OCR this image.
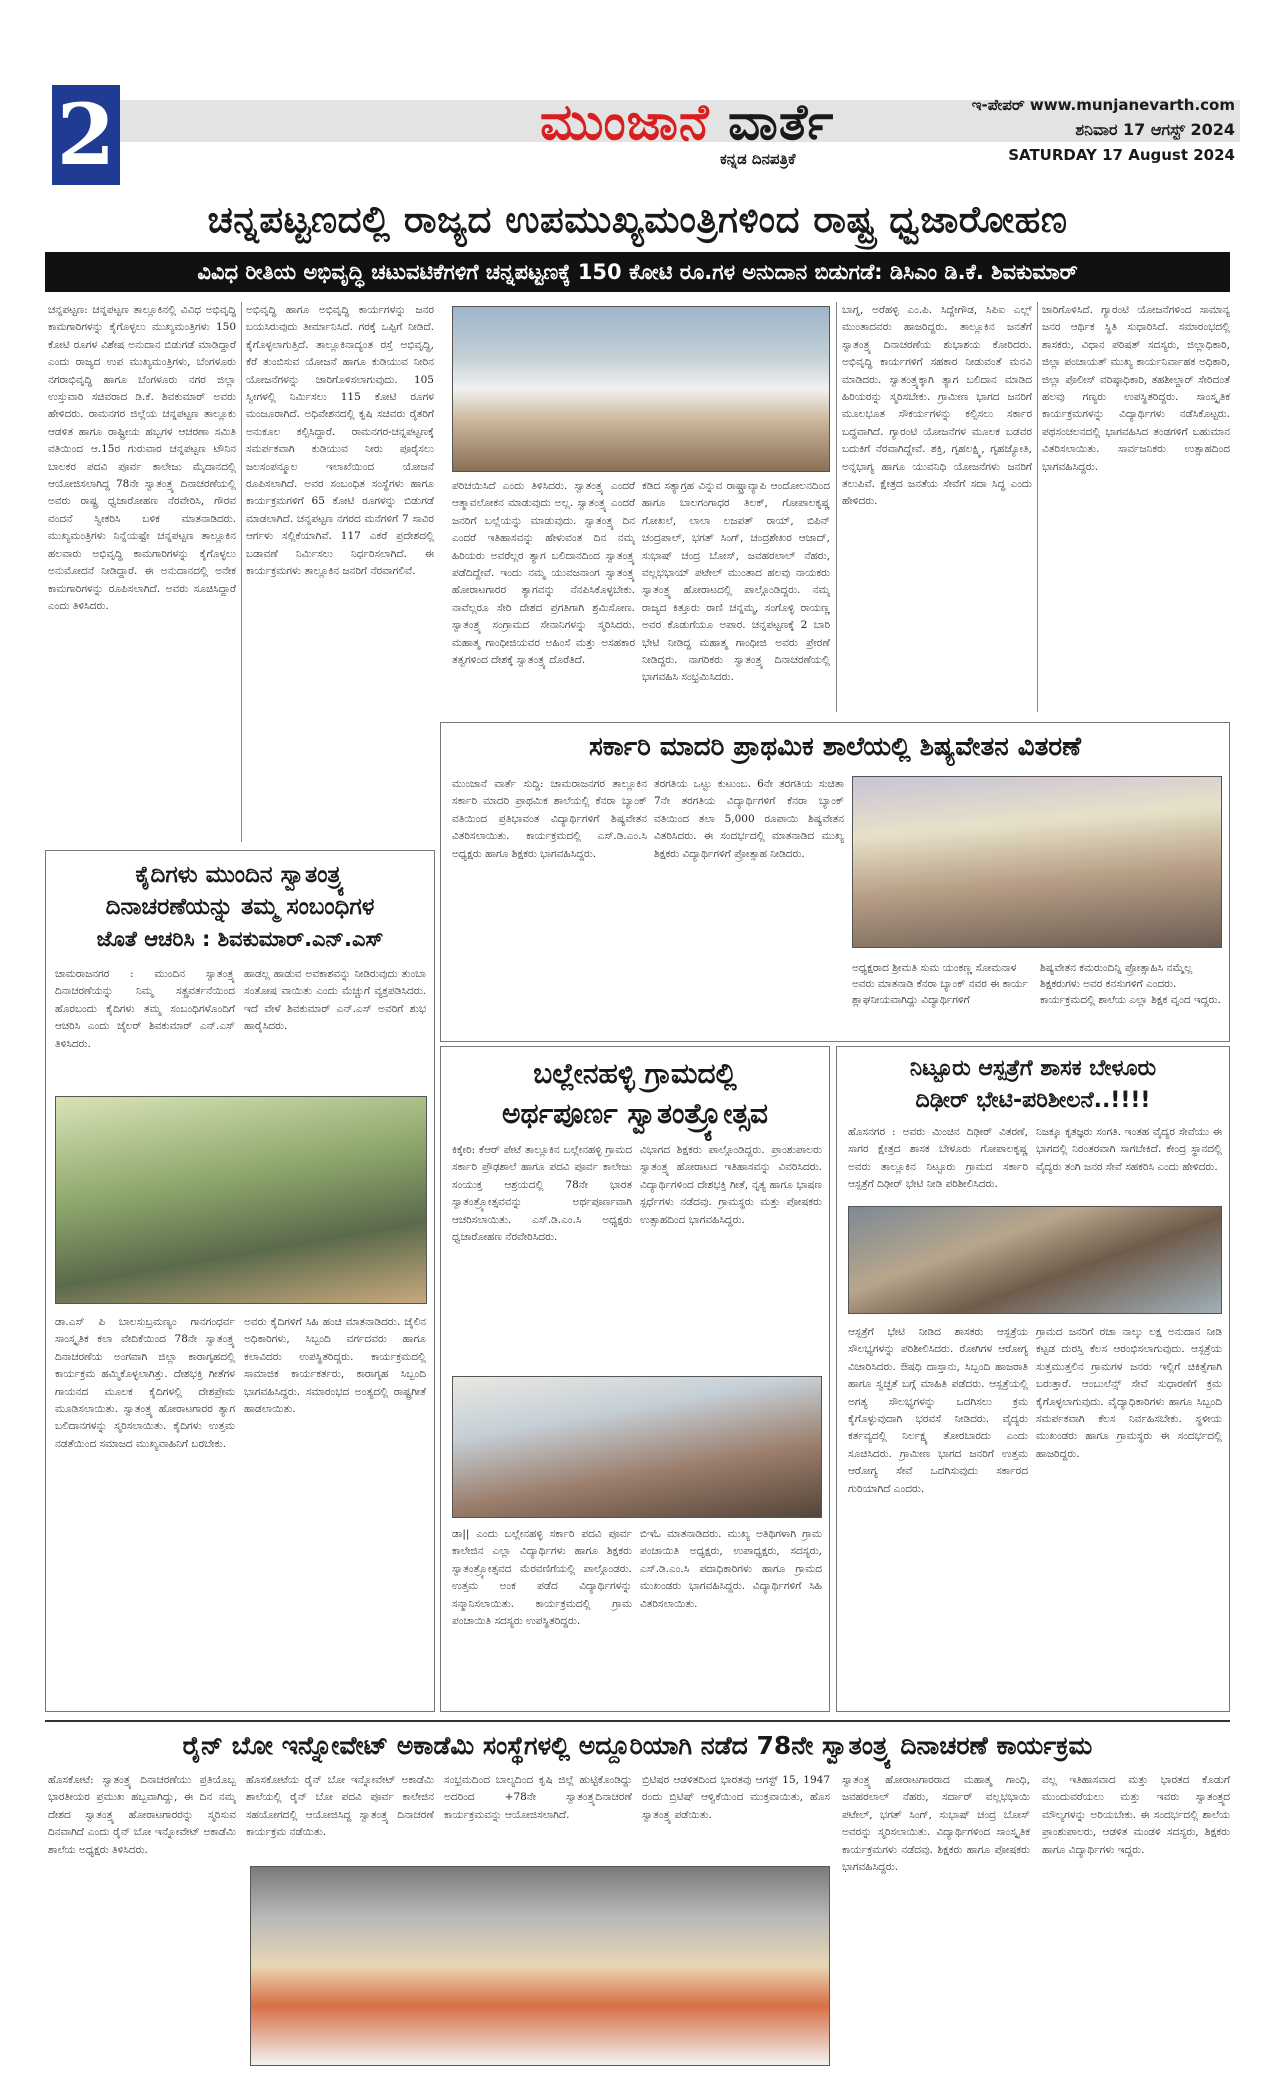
2	ಮುಂಜಾನೆ ವಾರ್ತೆ
ಕನ್ನಡ ದಿನಪತ್ರಿಕೆ
ಇ-ಪೇಪರ್ www.munjanevarth.com
ಶನಿವಾರ 17 ಆಗಸ್ಟ್ 2024
SATURDAY 17 August 2024
ಚನ್ನಪಟ್ಟಣದಲ್ಲಿ ರಾಜ್ಯದ ಉಪಮುಖ್ಯಮಂತ್ರಿಗಳಿಂದ ರಾಷ್ಟ್ರ ಧ್ವಜಾರೋಹಣ
ವಿವಿಧ ರೀತಿಯ ಅಭಿವೃದ್ಧಿ ಚಟುವಟಿಕೆಗಳಿಗೆ ಚನ್ನಪಟ್ಟಣಕ್ಕೆ 150 ಕೋಟಿ ರೂ.ಗಳ ಅನುದಾನ ಬಿಡುಗಡೆ: ಡಿಸಿಎಂ ಡಿ.ಕೆ. ಶಿವಕುಮಾರ್
ಚನ್ನಪಟ್ಟಣ: ಚನ್ನಪಟ್ಟಣ ತಾಲ್ಲೂಕಿನಲ್ಲಿ ವಿವಿಧ ಅಭಿವೃದ್ಧಿ ಕಾಮಗಾರಿಗಳನ್ನು ಕೈಗೊಳ್ಳಲು ಮುಖ್ಯಮಂತ್ರಿಗಳು 150 ಕೋಟಿ ರೂಗಳ ವಿಶೇಷ ಅನುದಾನ ಬಿಡುಗಡೆ ಮಾಡಿದ್ದಾರೆ ಎಂದು ರಾಜ್ಯದ ಉಪ ಮುಖ್ಯಮಂತ್ರಿಗಳು, ಬೆಂಗಳೂರು ನಗರಾಭಿವೃದ್ಧಿ ಹಾಗೂ ಬೆಂಗಳೂರು ನಗರ ಜಿಲ್ಲಾ ಉಸ್ತುವಾರಿ ಸಚಿವರಾದ ಡಿ.ಕೆ. ಶಿವಕುಮಾರ್ ಅವರು ಹೇಳಿದರು. ರಾಮನಗರ ಜಿಲ್ಲೆಯ ಚನ್ನಪಟ್ಟಣ ತಾಲ್ಲೂಕು ಆಡಳಿತ ಹಾಗೂ ರಾಷ್ಟ್ರೀಯ ಹಬ್ಬಗಳ ಆಚರಣಾ ಸಮಿತಿ ವತಿಯಿಂದ ಆ.15ರ ಗುರುವಾರ ಚನ್ನಪಟ್ಟಣ ಟೌನಿನ ಬಾಲಕರ ಪದವಿ ಪೂರ್ವ ಕಾಲೇಜು ಮೈದಾನದಲ್ಲಿ ಆಯೋಜಿಸಲಾಗಿದ್ದ 78ನೇ ಸ್ವಾತಂತ್ರ್ಯ ದಿನಾಚರಣೆಯಲ್ಲಿ ಅವರು ರಾಷ್ಟ್ರ ಧ್ವಜಾರೋಹಣ ನೆರವೇರಿಸಿ, ಗೌರವ ವಂದನೆ ಸ್ವೀಕರಿಸಿ ಬಳಿಕ ಮಾತನಾಡಿದರು. ಮುಖ್ಯಮಂತ್ರಿಗಳು ನಿನ್ನೆಯಷ್ಟೇ ಚನ್ನಪಟ್ಟಣ ತಾಲ್ಲೂಕಿನ ಹಲವಾರು ಅಭಿವೃದ್ಧಿ ಕಾಮಗಾರಿಗಳನ್ನು ಕೈಗೊಳ್ಳಲು ಅನುಮೋದನೆ ನೀಡಿದ್ದಾರೆ. ಈ ಅನುದಾನದಲ್ಲಿ ಅನೇಕ ಕಾಮಗಾರಿಗಳನ್ನು ರೂಪಿಸಲಾಗಿದೆ. ಅವರು ಸೂಚಿಸಿದ್ದಾರೆ ಎಂದು ತಿಳಿಸಿದರು.
ಅಭಿವೃದ್ಧಿ ಹಾಗೂ ಅಭಿವೃದ್ಧಿ ಕಾರ್ಯಗಳನ್ನು ಜನರ ಬಯಸಿರುವುದು ತೀರ್ಮಾನಿಸಿದೆ. ಗರಕ್ಕೆ ಒಪ್ಪಿಗೆ ನೀಡಿದೆ. ಕೈಗೊಳ್ಳಲಾಗುತ್ತಿದೆ. ತಾಲ್ಲೂಕಿನಾದ್ಯಂತ ರಸ್ತೆ ಅಭಿವೃದ್ಧಿ, ಕೆರೆ ತುಂಬಿಸುವ ಯೋಜನೆ ಹಾಗೂ ಕುಡಿಯುವ ನೀರಿನ ಯೋಜನೆಗಳನ್ನು ಜಾರಿಗೊಳಿಸಲಾಗುವುದು. 105 ಸ್ವೀಗಳಲ್ಲಿ ನಿರ್ಮಿಸಲು 115 ಕೋಟಿ ರೂಗಳ ಮಂಜೂರಾಗಿದೆ. ಅಧಿವೇಶನದಲ್ಲಿ ಕೃಷಿ ಸಚಿವರು ರೈತರಿಗೆ ಅನುಕೂಲ ಕಲ್ಪಿಸಿದ್ದಾರೆ. ರಾಮನಗರ-ಚನ್ನಪಟ್ಟಣಕ್ಕೆ ಸಮರ್ಪಕವಾಗಿ ಕುಡಿಯುವ ನೀರು ಪೂರೈಸಲು ಜಲಸಂಪನ್ಮೂಲ ಇಲಾಖೆಯಿಂದ ಯೋಜನೆ ರೂಪಿಸಲಾಗಿದೆ. ಅವರ ಸಂಬಂಧಿತ ಸಂಸ್ಥೆಗಳು ಹಾಗೂ ಕಾರ್ಯಕ್ರಮಗಳಿಗೆ 65 ಕೋಟಿ ರೂಗಳನ್ನು ಬಿಡುಗಡೆ ಮಾಡಲಾಗಿದೆ. ಚನ್ನಪಟ್ಟಣ ನಗರದ ಮನೆಗಳಿಗೆ 7 ಸಾವಿರ ಆರ್ಗಳು ಸಲ್ಲಿಕೆಯಾಗಿವೆ. 117 ಎಕರೆ ಪ್ರದೇಶದಲ್ಲಿ ಬಡಾವಣೆ ನಿರ್ಮಿಸಲು ನಿರ್ಧರಿಸಲಾಗಿದೆ. ಈ ಕಾರ್ಯಕ್ರಮಗಳು ತಾಲ್ಲೂಕಿನ ಜನರಿಗೆ ನೆರವಾಗಲಿವೆ.
ಪರಿಚಯಿಸಿದೆ ಎಂದು ತಿಳಿಸಿದರು. ಸ್ವಾತಂತ್ರ್ಯ ಎಂದರೆ ಆತ್ಮಾವಲೋಕನ ಮಾಡುವುದು ಅಲ್ಲ. ಸ್ವಾತಂತ್ರ್ಯ ಎಂದರೆ ಜನರಿಗೆ ಬಲ್ಲೆಯನ್ನು ಮಾಡುವುದು. ಸ್ವಾತಂತ್ರ್ಯ ದಿನ ಎಂದರೆ ಇತಿಹಾಸವನ್ನು ಹೇಳುವಂತ ದಿನ ನಮ್ಮ ಹಿರಿಯರು ಅವರೆಲ್ಲರ ತ್ಯಾಗ ಬಲಿದಾನದಿಂದ ಸ್ವಾತಂತ್ರ್ಯ ಪಡೆದಿದ್ದೇವೆ. ಇಂದು ನಮ್ಮ ಯುವಜನಾಂಗ ಸ್ವಾತಂತ್ರ್ಯ ಹೋರಾಟಗಾರರ ತ್ಯಾಗವನ್ನು ನೆನಪಿಸಿಕೊಳ್ಳಬೇಕು. ನಾವೆಲ್ಲರೂ ಸೇರಿ ದೇಶದ ಪ್ರಗತಿಗಾಗಿ ಶ್ರಮಿಸೋಣ. ಸ್ವಾತಂತ್ರ್ಯ ಸಂಗ್ರಾಮದ ಸೇನಾನಿಗಳನ್ನು ಸ್ಮರಿಸಿದರು. ಮಹಾತ್ಮ ಗಾಂಧೀಜಿಯವರ ಅಹಿಂಸೆ ಮತ್ತು ಅಸಹಕಾರ ತತ್ವಗಳಿಂದ ದೇಶಕ್ಕೆ ಸ್ವಾತಂತ್ರ್ಯ ದೊರೆತಿದೆ.
ಕಡಿದ ಸತ್ಯಾಗ್ರಹ ವಿನ್ನುವ ರಾಷ್ಟ್ರಾವ್ಯಾಪಿ ಆಂದೋಲನದಿಂದ ಹಾಗೂ ಬಾಲಗಂಗಾಧರ ತಿಲಕ್, ಗೋಪಾಲಕೃಷ್ಣ ಗೋಖಲೆ, ಲಾಲಾ ಲಜಪತ್ ರಾಯ್, ಬಿಪಿನ್ ಚಂದ್ರಪಾಲ್, ಭಗತ್ ಸಿಂಗ್, ಚಂದ್ರಶೇಖರ ಆಜಾದ್, ಸುಭಾಷ್ ಚಂದ್ರ ಬೋಸ್, ಜವಹರಲಾಲ್ ನೆಹರು, ವಲ್ಲಭಭಾಯ್ ಪಟೇಲ್ ಮುಂತಾದ ಹಲವು ನಾಯಕರು ಸ್ವಾತಂತ್ರ್ಯ ಹೋರಾಟದಲ್ಲಿ ಪಾಲ್ಗೊಂಡಿದ್ದರು. ನಮ್ಮ ರಾಜ್ಯದ ಕಿತ್ತೂರು ರಾಣಿ ಚನ್ನಮ್ಮ, ಸಂಗೊಳ್ಳಿ ರಾಯಣ್ಣ ಅವರ ಕೊಡುಗೆಯೂ ಅಪಾರ. ಚನ್ನಪಟ್ಟಣಕ್ಕೆ 2 ಬಾರಿ ಭೇಟಿ ನೀಡಿದ್ದ ಮಹಾತ್ಮ ಗಾಂಧೀಜಿ ಅವರು ಪ್ರೇರಣೆ ನೀಡಿದ್ದರು. ನಾಗರಿಕರು ಸ್ವಾತಂತ್ರ್ಯ ದಿನಾಚರಣೆಯಲ್ಲಿ ಭಾಗವಹಿಸಿ ಸಂಭ್ರಮಿಸಿದರು.
ಬಾಗ್ನ, ಅರೆಹಳ್ಳಿ ಎಂ.ಪಿ. ಸಿದ್ದೇಗೌಡ, ಸಿಪಿಐ ಎಲ್ಲ್ ಮುಂತಾದವರು ಹಾಜರಿದ್ದರು. ತಾಲ್ಲೂಕಿನ ಜನತೆಗೆ ಸ್ವಾತಂತ್ರ್ಯ ದಿನಾಚರಣೆಯ ಶುಭಾಶಯ ಕೋರಿದರು. ಅಭಿವೃದ್ಧಿ ಕಾರ್ಯಗಳಿಗೆ ಸಹಕಾರ ನೀಡುವಂತೆ ಮನವಿ ಮಾಡಿದರು. ಸ್ವಾತಂತ್ರ್ಯಕ್ಕಾಗಿ ತ್ಯಾಗ ಬಲಿದಾನ ಮಾಡಿದ ಹಿರಿಯರನ್ನು ಸ್ಮರಿಸಬೇಕು. ಗ್ರಾಮೀಣ ಭಾಗದ ಜನರಿಗೆ ಮೂಲಭೂತ ಸೌಕರ್ಯಗಳನ್ನು ಕಲ್ಪಿಸಲು ಸರ್ಕಾರ ಬದ್ಧವಾಗಿದೆ. ಗ್ಯಾರಂಟಿ ಯೋಜನೆಗಳ ಮೂಲಕ ಬಡವರ ಬದುಕಿಗೆ ನೆರವಾಗಿದ್ದೇವೆ. ಶಕ್ತಿ, ಗೃಹಲಕ್ಷ್ಮಿ, ಗೃಹಜ್ಯೋತಿ, ಅನ್ನಭಾಗ್ಯ ಹಾಗೂ ಯುವನಿಧಿ ಯೋಜನೆಗಳು ಜನರಿಗೆ ತಲುಪಿವೆ. ಕ್ಷೇತ್ರದ ಜನತೆಯ ಸೇವೆಗೆ ಸದಾ ಸಿದ್ಧ ಎಂದು ಹೇಳಿದರು.
ಜಾರಿಗೊಳಿಸಿದೆ. ಗ್ಯಾರಂಟಿ ಯೋಜನೆಗಳಿಂದ ಸಾಮಾನ್ಯ ಜನರ ಆರ್ಥಿಕ ಸ್ಥಿತಿ ಸುಧಾರಿಸಿದೆ. ಸಮಾರಂಭದಲ್ಲಿ ಶಾಸಕರು, ವಿಧಾನ ಪರಿಷತ್ ಸದಸ್ಯರು, ಜಿಲ್ಲಾಧಿಕಾರಿ, ಜಿಲ್ಲಾ ಪಂಚಾಯತ್ ಮುಖ್ಯ ಕಾರ್ಯನಿರ್ವಾಹಕ ಅಧಿಕಾರಿ, ಜಿಲ್ಲಾ ಪೊಲೀಸ್ ವರಿಷ್ಠಾಧಿಕಾರಿ, ತಹಶೀಲ್ದಾರ್ ಸೇರಿದಂತೆ ಹಲವು ಗಣ್ಯರು ಉಪಸ್ಥಿತರಿದ್ದರು. ಸಾಂಸ್ಕೃತಿಕ ಕಾರ್ಯಕ್ರಮಗಳನ್ನು ವಿದ್ಯಾರ್ಥಿಗಳು ನಡೆಸಿಕೊಟ್ಟರು. ಪಥಸಂಚಲನದಲ್ಲಿ ಭಾಗವಹಿಸಿದ ತಂಡಗಳಿಗೆ ಬಹುಮಾನ ವಿತರಿಸಲಾಯಿತು. ಸಾರ್ವಜನಿಕರು ಉತ್ಸಾಹದಿಂದ ಭಾಗವಹಿಸಿದ್ದರು.
ಸರ್ಕಾರಿ ಮಾದರಿ ಪ್ರಾಥಮಿಕ ಶಾಲೆಯಲ್ಲಿ ಶಿಷ್ಯವೇತನ ವಿತರಣೆ
ಮುಂಜಾನೆ ವಾರ್ತೆ ಸುದ್ದಿ: ಚಾಮರಾಜನಗರ ತಾಲ್ಲೂಕಿನ ಸರ್ಕಾರಿ ಮಾದರಿ ಪ್ರಾಥಮಿಕ ಶಾಲೆಯಲ್ಲಿ ಕೆನರಾ ಬ್ಯಾಂಕ್ ವತಿಯಿಂದ ಪ್ರತಿಭಾವಂತ ವಿದ್ಯಾರ್ಥಿಗಳಿಗೆ ಶಿಷ್ಯವೇತನ ವಿತರಿಸಲಾಯಿತು. ಕಾರ್ಯಕ್ರಮದಲ್ಲಿ ಎಸ್.ಡಿ.ಎಂ.ಸಿ ಅಧ್ಯಕ್ಷರು ಹಾಗೂ ಶಿಕ್ಷಕರು ಭಾಗವಹಿಸಿದ್ದರು.
ತರಗತಿಯ ಒಟ್ಟು ಕುಟುಂಬ. 6ನೇ ತರಗತಿಯ ಸುಚಿತಾ 7ನೇ ತರಗತಿಯ ವಿದ್ಯಾರ್ಥಿಗಳಿಗೆ ಕೆನರಾ ಬ್ಯಾಂಕ್ ವತಿಯಿಂದ ತಲಾ 5,000 ರೂಪಾಯಿ ಶಿಷ್ಯವೇತನ ವಿತರಿಸಿದರು. ಈ ಸಂದರ್ಭದಲ್ಲಿ ಮಾತನಾಡಿದ ಮುಖ್ಯ ಶಿಕ್ಷಕರು ವಿದ್ಯಾರ್ಥಿಗಳಿಗೆ ಪ್ರೋತ್ಸಾಹ ನೀಡಿದರು.
ಅಧ್ಯಕ್ಷರಾದ ಶ್ರೀಮತಿ ಸುಮ ಯಂಕಣ್ಣ ಸೋಮನಾಳ ಅವರು ಮಾತನಾಡಿ ಕೆನರಾ ಬ್ಯಾಂಕ್ ನವರ ಈ ಕಾರ್ಯ ಶ್ಲಾಘನೀಯವಾಗಿದ್ದು ವಿದ್ಯಾರ್ಥಿಗಳಿಗೆ
ಶಿಷ್ಯವೇತನ ಕಮರುಂದಿನ್ನಿ ಪ್ರೋತ್ಸಾಹಿಸಿ ನಮ್ಮೆಲ್ಲ ಶಿಕ್ಷಕರುಗಳು ಅವರ ಕನಸುಗಳಿಗೆ ಎಂದರು. ಕಾರ್ಯಕ್ರಮದಲ್ಲಿ ಶಾಲೆಯ ಎಲ್ಲಾ ಶಿಕ್ಷಕ ವೃಂದ ಇದ್ದರು.
ಕೈದಿಗಳು ಮುಂದಿನ ಸ್ವಾತಂತ್ರ್ಯ
ದಿನಾಚರಣೆಯನ್ನು ತಮ್ಮ ಸಂಬಂಧಿಗಳ
ಜೊತೆ ಆಚರಿಸಿ : ಶಿವಕುಮಾರ್.ಎನ್.ಎಸ್
ಚಾಮರಾಜನಗರ : ಮುಂದಿನ ಸ್ವಾತಂತ್ರ್ಯ ದಿನಾಚರಣೆಯನ್ನು ನಿಮ್ಮ ಸತ್ಪ್ರವರ್ತನೆಯಿಂದ ಹೊರಬಂದು ಕೈದಿಗಳು ತಮ್ಮ ಸಂಬಂಧಿಗಳೊಂದಿಗೆ ಆಚರಿಸಿ ಎಂದು ಜೈಲರ್ ಶಿವಕುಮಾರ್ ಎನ್.ಎಸ್ ತಿಳಿಸಿದರು.
ಹಾಡಲ್ಲ ಹಾಡುವ ಅವಕಾಶವನ್ನು ನೀಡಿರುವುದು ತುಂಬಾ ಸಂತೋಷ ವಾಯಿತು ಎಂದು ಮೆಚ್ಚುಗೆ ವ್ಯಕ್ತಪಡಿಸಿದರು. ಇದೆ ವೇಳೆ ಶಿವಕುಮಾರ್ ಎನ್.ಎಸ್ ಅವರಿಗೆ ಶುಭ ಹಾರೈಸಿದರು.
ಡಾ.ಎಸ್ ಪಿ ಬಾಲಸುಬ್ರಮಣ್ಯಂ ಗಾನಗಂಧರ್ವ ಸಾಂಸ್ಕೃತಿಕ ಕಲಾ ವೇದಿಕೆಯಿಂದ 78ನೇ ಸ್ವಾತಂತ್ರ್ಯ ದಿನಾಚರಣೆಯ ಅಂಗವಾಗಿ ಜಿಲ್ಲಾ ಕಾರಾಗೃಹದಲ್ಲಿ ಕಾರ್ಯಕ್ರಮ ಹಮ್ಮಿಕೊಳ್ಳಲಾಗಿತ್ತು. ದೇಶಭಕ್ತಿ ಗೀತೆಗಳ ಗಾಯನದ ಮೂಲಕ ಕೈದಿಗಳಲ್ಲಿ ದೇಶಪ್ರೇಮ ಮೂಡಿಸಲಾಯಿತು. ಸ್ವಾತಂತ್ರ್ಯ ಹೋರಾಟಗಾರರ ತ್ಯಾಗ ಬಲಿದಾನಗಳನ್ನು ಸ್ಮರಿಸಲಾಯಿತು. ಕೈದಿಗಳು ಉತ್ತಮ ನಡತೆಯಿಂದ ಸಮಾಜದ ಮುಖ್ಯವಾಹಿನಿಗೆ ಬರಬೇಕು.
ಅವರು ಕೈದಿಗಳಿಗೆ ಸಿಹಿ ಹಂಚಿ ಮಾತನಾಡಿದರು. ಜೈಲಿನ ಅಧಿಕಾರಿಗಳು, ಸಿಬ್ಬಂದಿ ವರ್ಗದವರು ಹಾಗೂ ಕಲಾವಿದರು ಉಪಸ್ಥಿತರಿದ್ದರು. ಕಾರ್ಯಕ್ರಮದಲ್ಲಿ ಸಾಮಾಜಿಕ ಕಾರ್ಯಕರ್ತರು, ಕಾರಾಗೃಹ ಸಿಬ್ಬಂದಿ ಭಾಗವಹಿಸಿದ್ದರು. ಸಮಾರಂಭದ ಅಂತ್ಯದಲ್ಲಿ ರಾಷ್ಟ್ರಗೀತೆ ಹಾಡಲಾಯಿತು.
ಬಲ್ಲೇನಹಳ್ಳಿ ಗ್ರಾಮದಲ್ಲಿ
ಅರ್ಥಪೂರ್ಣ ಸ್ವಾತಂತ್ರ್ಯೋತ್ಸವ
ಕಿಕ್ಕೇರಿ: ಕೆಆರ್ ಪೇಟೆ ತಾಲ್ಲೂಕಿನ ಬಲ್ಲೇನಹಳ್ಳಿ ಗ್ರಾಮದ ಸರ್ಕಾರಿ ಪ್ರೌಢಶಾಲೆ ಹಾಗೂ ಪದವಿ ಪೂರ್ವ ಕಾಲೇಜು ಸಂಯುಕ್ತ ಆಶ್ರಯದಲ್ಲಿ 78ನೇ ಭಾರತ ಸ್ವಾತಂತ್ರ್ಯೋತ್ಸವವನ್ನು ಅರ್ಥಪೂರ್ಣವಾಗಿ ಆಚರಿಸಲಾಯಿತು. ಎಸ್.ಡಿ.ಎಂ.ಸಿ ಅಧ್ಯಕ್ಷರು ಧ್ವಜಾರೋಹಣ ನೆರವೇರಿಸಿದರು.
ವಿಭಾಗದ ಶಿಕ್ಷಕರು ಪಾಲ್ಗೊಂಡಿದ್ದರು. ಪ್ರಾಂಶುಪಾಲರು ಸ್ವಾತಂತ್ರ್ಯ ಹೋರಾಟದ ಇತಿಹಾಸವನ್ನು ವಿವರಿಸಿದರು. ವಿದ್ಯಾರ್ಥಿಗಳಿಂದ ದೇಶಭಕ್ತಿ ಗೀತೆ, ನೃತ್ಯ ಹಾಗೂ ಭಾಷಣ ಸ್ಪರ್ಧೆಗಳು ನಡೆದವು. ಗ್ರಾಮಸ್ಥರು ಮತ್ತು ಪೋಷಕರು ಉತ್ಸಾಹದಿಂದ ಭಾಗವಹಿಸಿದ್ದರು.
ಡಾ|| ಎಂದು ಬಲ್ಲೇನಹಳ್ಳಿ ಸರ್ಕಾರಿ ಪದವಿ ಪೂರ್ವ ಕಾಲೇಜಿನ ಎಲ್ಲಾ ವಿದ್ಯಾರ್ಥಿಗಳು ಹಾಗೂ ಶಿಕ್ಷಕರು ಸ್ವಾತಂತ್ರ್ಯೋತ್ಸವದ ಮೆರವಣಿಗೆಯಲ್ಲಿ ಪಾಲ್ಗೊಂಡರು. ಉತ್ತಮ ಅಂಕ ಪಡೆದ ವಿದ್ಯಾರ್ಥಿಗಳನ್ನು ಸನ್ಮಾನಿಸಲಾಯಿತು. ಕಾರ್ಯಕ್ರಮದಲ್ಲಿ ಗ್ರಾಮ ಪಂಚಾಯಿತಿ ಸದಸ್ಯರು ಉಪಸ್ಥಿತರಿದ್ದರು.
ಬಿಇಓ ಮಾತನಾಡಿದರು. ಮುಖ್ಯ ಅತಿಥಿಗಳಾಗಿ ಗ್ರಾಮ ಪಂಚಾಯಿತಿ ಅಧ್ಯಕ್ಷರು, ಉಪಾಧ್ಯಕ್ಷರು, ಸದಸ್ಯರು, ಎಸ್.ಡಿ.ಎಂ.ಸಿ ಪದಾಧಿಕಾರಿಗಳು ಹಾಗೂ ಗ್ರಾಮದ ಮುಖಂಡರು ಭಾಗವಹಿಸಿದ್ದರು. ವಿದ್ಯಾರ್ಥಿಗಳಿಗೆ ಸಿಹಿ ವಿತರಿಸಲಾಯಿತು.
ನಿಟ್ಟೂರು ಆಸ್ಪತ್ರೆಗೆ ಶಾಸಕ ಬೇಳೂರು
ದಿಢೀರ್ ಭೇಟಿ-ಪರಿಶೀಲನೆ..!!!!
ಹೊಸನಗರ : ಅವರು ಮಿಂಚಿನ ದಿಢೀರ್ ವಿತರಣೆ, ಸಾಗರ ಕ್ಷೇತ್ರದ ಶಾಸಕ ಬೇಳೂರು ಗೋಪಾಲಕೃಷ್ಣ ಅವರು ತಾಲ್ಲೂಕಿನ ನಿಟ್ಟೂರು ಗ್ರಾಮದ ಸರ್ಕಾರಿ ಆಸ್ಪತ್ರೆಗೆ ದಿಢೀರ್ ಭೇಟಿ ನೀಡಿ ಪರಿಶೀಲಿಸಿದರು.
ನಿಜಕ್ಕೂ ಕೃತಜ್ಞರು ಸಂಗತಿ. ಇಂತಹ ವೈದ್ಯರ ಸೇವೆಯು ಈ ಭಾಗದಲ್ಲಿ ನಿರಂತರವಾಗಿ ಸಾಗಬೇಕಿದೆ. ಕೇಂದ್ರ ಸ್ಥಾನದಲ್ಲಿ ವೈದ್ಯರು ತಂಗಿ ಜನರ ಸೇವೆ ಸಹಕರಿಸಿ ಎಂದು ಹೇಳಿದರು.
ಆಸ್ಪತ್ರೆಗೆ ಭೇಟಿ ನೀಡಿದ ಶಾಸಕರು ಆಸ್ಪತ್ರೆಯ ಸೌಲಭ್ಯಗಳನ್ನು ಪರಿಶೀಲಿಸಿದರು. ರೋಗಿಗಳ ಆರೋಗ್ಯ ವಿಚಾರಿಸಿದರು. ಔಷಧಿ ದಾಸ್ತಾನು, ಸಿಬ್ಬಂದಿ ಹಾಜರಾತಿ ಹಾಗೂ ಸ್ವಚ್ಛತೆ ಬಗ್ಗೆ ಮಾಹಿತಿ ಪಡೆದರು. ಆಸ್ಪತ್ರೆಯಲ್ಲಿ ಅಗತ್ಯ ಸೌಲಭ್ಯಗಳನ್ನು ಒದಗಿಸಲು ಕ್ರಮ ಕೈಗೊಳ್ಳುವುದಾಗಿ ಭರವಸೆ ನೀಡಿದರು. ವೈದ್ಯರು ಕರ್ತವ್ಯದಲ್ಲಿ ನಿರ್ಲಕ್ಷ್ಯ ತೋರಬಾರದು ಎಂದು ಸೂಚಿಸಿದರು. ಗ್ರಾಮೀಣ ಭಾಗದ ಜನರಿಗೆ ಉತ್ತಮ ಆರೋಗ್ಯ ಸೇವೆ ಒದಗಿಸುವುದು ಸರ್ಕಾರದ ಗುರಿಯಾಗಿದೆ ಎಂದರು.
ಗ್ರಾಮದ ಜನರಿಗೆ ರಜಾ ನಾಲ್ಕು ಲಕ್ಷ ಅನುದಾನ ನೀಡಿ ಕಟ್ಟಡ ದುರಸ್ತಿ ಕೆಲಸ ಆರಂಭಿಸಲಾಗುವುದು. ಆಸ್ಪತ್ರೆಯ ಸುತ್ತಮುತ್ತಲಿನ ಗ್ರಾಮಗಳ ಜನರು ಇಲ್ಲಿಗೆ ಚಿಕಿತ್ಸೆಗಾಗಿ ಬರುತ್ತಾರೆ. ಆಂಬುಲೆನ್ಸ್ ಸೇವೆ ಸುಧಾರಣೆಗೆ ಕ್ರಮ ಕೈಗೊಳ್ಳಲಾಗುವುದು. ವೈದ್ಯಾಧಿಕಾರಿಗಳು ಹಾಗೂ ಸಿಬ್ಬಂದಿ ಸಮರ್ಪಕವಾಗಿ ಕೆಲಸ ನಿರ್ವಹಿಸಬೇಕು. ಸ್ಥಳೀಯ ಮುಖಂಡರು ಹಾಗೂ ಗ್ರಾಮಸ್ಥರು ಈ ಸಂದರ್ಭದಲ್ಲಿ ಹಾಜರಿದ್ದರು.
ರೈನ್ ಬೋ ಇನ್ನೋವೇಟ್ ಅಕಾಡೆಮಿ ಸಂಸ್ಥೆಗಳಲ್ಲಿ ಅದ್ದೂರಿಯಾಗಿ ನಡೆದ 78ನೇ ಸ್ವಾತಂತ್ರ್ಯ ದಿನಾಚರಣೆ ಕಾರ್ಯಕ್ರಮ
ಹೊಸಕೋಟೆ: ಸ್ವಾತಂತ್ರ್ಯ ದಿನಾಚರಣೆಯು ಪ್ರತಿಯೊಬ್ಬ ಭಾರತೀಯರ ಪ್ರಮುಖ ಹಬ್ಬವಾಗಿದ್ದು, ಈ ದಿನ ನಮ್ಮ ದೇಶದ ಸ್ವಾತಂತ್ರ್ಯ ಹೋರಾಟಗಾರರನ್ನು ಸ್ಮರಿಸುವ ದಿನವಾಗಿದೆ ಎಂದು ರೈನ್ ಬೋ ಇನ್ನೋವೇಟ್ ಅಕಾಡೆಮಿ ಶಾಲೆಯ ಅಧ್ಯಕ್ಷರು ತಿಳಿಸಿದರು.
ಹೊಸಕೋಟೆಯ ರೈನ್ ಬೋ ಇನ್ನೋವೇಟ್ ಅಕಾಡೆಮಿ ಶಾಲೆಯಲ್ಲಿ ರೈನ್ ಬೋ ಪದವಿ ಪೂರ್ವ ಕಾಲೇಜಿನ ಸಹಯೋಗದಲ್ಲಿ ಆಯೋಜಿಸಿದ್ದ ಸ್ವಾತಂತ್ರ್ಯ ದಿನಾಚರಣೆ ಕಾರ್ಯಕ್ರಮ ನಡೆಯಿತು.
ಸಂಭ್ರಮದಿಂದ ಬಾಲ್ಯದಿಂದ ಕೃಷಿ ಜಿಲ್ಲೆ ಹುಟ್ಟಿಕೊಂಡಿದ್ದು ಅದರಿಂದ +78ನೇ ಸ್ವಾತಂತ್ರ್ಯದಿನಾಚರಣೆ ಕಾರ್ಯಕ್ರಮವನ್ನು ಆಯೋಜಿಸಲಾಗಿದೆ.
ಬ್ರಿಟಿಷರ ಆಡಳಿತದಿಂದ ಭಾರತವು ಆಗಸ್ಟ್ 15, 1947 ರಂದು ಬ್ರಿಟಿಷ್ ಆಳ್ವಿಕೆಯಿಂದ ಮುಕ್ತವಾಯಿತು, ಹೊಸ ಸ್ವಾತಂತ್ರ್ಯ ಪಡೆಯಿತು.
ಸ್ವಾತಂತ್ರ್ಯ ಹೋರಾಟಗಾರರಾದ ಮಹಾತ್ಮ ಗಾಂಧಿ, ಜವಹರಲಾಲ್ ನೆಹರು, ಸರ್ದಾರ್ ವಲ್ಲಭಭಾಯಿ ಪಟೇಲ್, ಭಗತ್ ಸಿಂಗ್, ಸುಭಾಷ್ ಚಂದ್ರ ಬೋಸ್ ಅವರನ್ನು ಸ್ಮರಿಸಲಾಯಿತು. ವಿದ್ಯಾರ್ಥಿಗಳಿಂದ ಸಾಂಸ್ಕೃತಿಕ ಕಾರ್ಯಕ್ರಮಗಳು ನಡೆದವು. ಶಿಕ್ಷಕರು ಹಾಗೂ ಪೋಷಕರು ಭಾಗವಹಿಸಿದ್ದರು.
ವಲ್ಲ ಇತಿಹಾಸವಾದ ಮತ್ತು ಭಾರತದ ಕೊಡುಗೆ ಮುಂದುವರೆಯಲು ಮತ್ತು ಇವರು ಸ್ವಾತಂತ್ರ್ಯದ ಮೌಲ್ಯಗಳನ್ನು ಅರಿಯಬೇಕು. ಈ ಸಂದರ್ಭದಲ್ಲಿ ಶಾಲೆಯ ಪ್ರಾಂಶುಪಾಲರು, ಆಡಳಿತ ಮಂಡಳಿ ಸದಸ್ಯರು, ಶಿಕ್ಷಕರು ಹಾಗೂ ವಿದ್ಯಾರ್ಥಿಗಳು ಇದ್ದರು.
